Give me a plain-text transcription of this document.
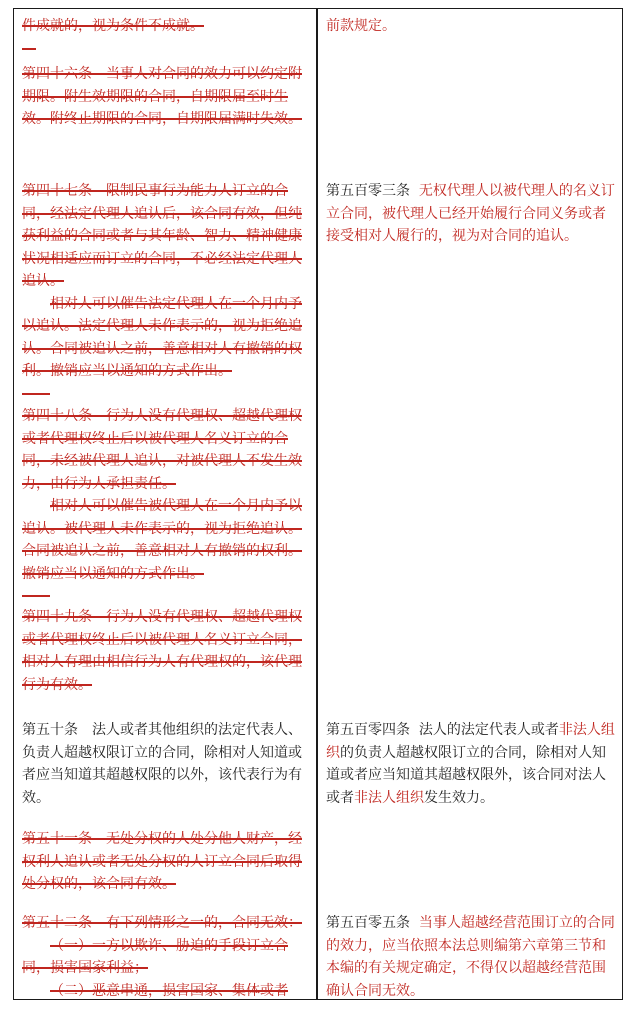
件成就的，视为条件不成就。

第四十六条　当事人对合同的效力可以约定附期限。附生效期限的合同，自期限届至时生效。附终止期限的合同，自期限届满时失效。

第四十七条　限制民事行为能力人订立的合同，经法定代理人追认后，该合同有效，但纯获利益的合同或者与其年龄、智力、精神健康状况相适应而订立的合同，不必经法定代理人追认。

相对人可以催告法定代理人在一个月内予以追认。法定代理人未作表示的，视为拒绝追认。合同被追认之前，善意相对人有撤销的权利。撤销应当以通知的方式作出。

第四十八条　行为人没有代理权、超越代理权或者代理权终止后以被代理人名义订立的合同，未经被代理人追认，对被代理人不发生效力，由行为人承担责任。

相对人可以催告被代理人在一个月内予以追认。被代理人未作表示的，视为拒绝追认。合同被追认之前，善意相对人有撤销的权利。撤销应当以通知的方式作出。

第四十九条　行为人没有代理权、超越代理权或者代理权终止后以被代理人名义订立合同，相对人有理由相信行为人有代理权的，该代理行为有效。

第五十条　法人或者其他组织的法定代表人、负责人超越权限订立的合同，除相对人知道或者应当知道其超越权限的以外，该代表行为有效。

第五十一条　无处分权的人处分他人财产，经权利人追认或者无处分权的人订立合同后取得处分权的，该合同有效。

第五十二条　有下列情形之一的，合同无效：

（一）一方以欺诈、胁迫的手段订立合同，损害国家利益；

（二）恶意串通，损害国家、集体或者

前款规定。

第五百零三条 无权代理人以被代理人的名义订立合同，被代理人已经开始履行合同义务或者接受相对人履行的，视为对合同的追认。

第五百零四条 法人的法定代表人或者非法人组织的负责人超越权限订立的合同，除相对人知道或者应当知道其超越权限外，该合同对法人或者非法人组织发生效力。

第五百零五条 当事人超越经营范围订立的合同的效力，应当依照本法总则编第六章第三节和本编的有关规定确定，不得仅以超越经营范围确认合同无效。
